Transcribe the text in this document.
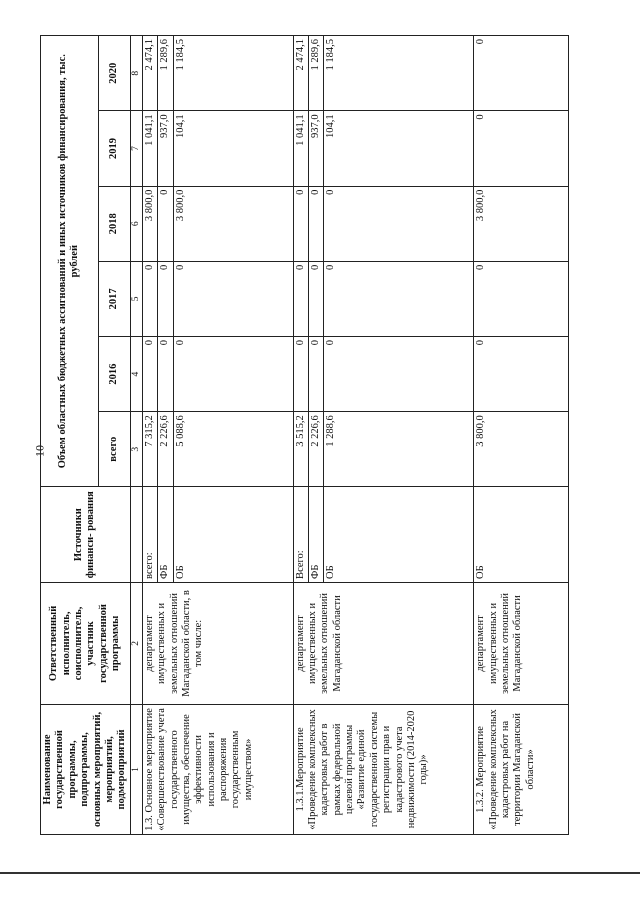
10
Наименование государственной программы, подпрограммы, основных мероприятий, мероприятий, подмероприятий	Ответственный исполнитель, соисполнитель, участник государственной программы	Источники финанси- рования	Объем областных бюджетных ассигнований и иных источников финансирования, тыс. рублей					
			всего	2016	2017	2018	2019	2020
1	2		3	4	5	6	7	8
1.3. Основное мероприятие «Совершенствование учета государственного имущества, обеспечение эффективности использования и распоряжения государственным имуществом»	департамент имущественных и земельных отношений Магаданской области, в том числе:	всего:	7 315,2	0	0	3 800,0	1 041,1	2 474,1
		ФБ	2 226,6	0	0	0	937,0	1 289,6
		ОБ	5 088,6	0	0	3 800,0	104,1	1 184,5
1.3.1.Мероприятие «Проведение комплексных кадастровых работ в рамках федеральной целевой программы «Развитие единой государственной системы регистрации прав и кадастрового учета недвижимости (2014-2020 годы)»	департамент имущественных и земельных отношений Магаданской области	Всего:	3 515,2	0	0	0	1 041,1	2 474,1
		ФБ	2 226,6	0	0	0	937,0	1 289,6
		ОБ	1 288,6	0	0	0	104,1	1 184,5
1.3.2. Мероприятие «Проведение комплексных кадастровых работ на территории Магаданской области»	департамент имущественных и земельных отношений Магаданской области	ОБ	3 800,0	0	0	3 800,0	0	0
